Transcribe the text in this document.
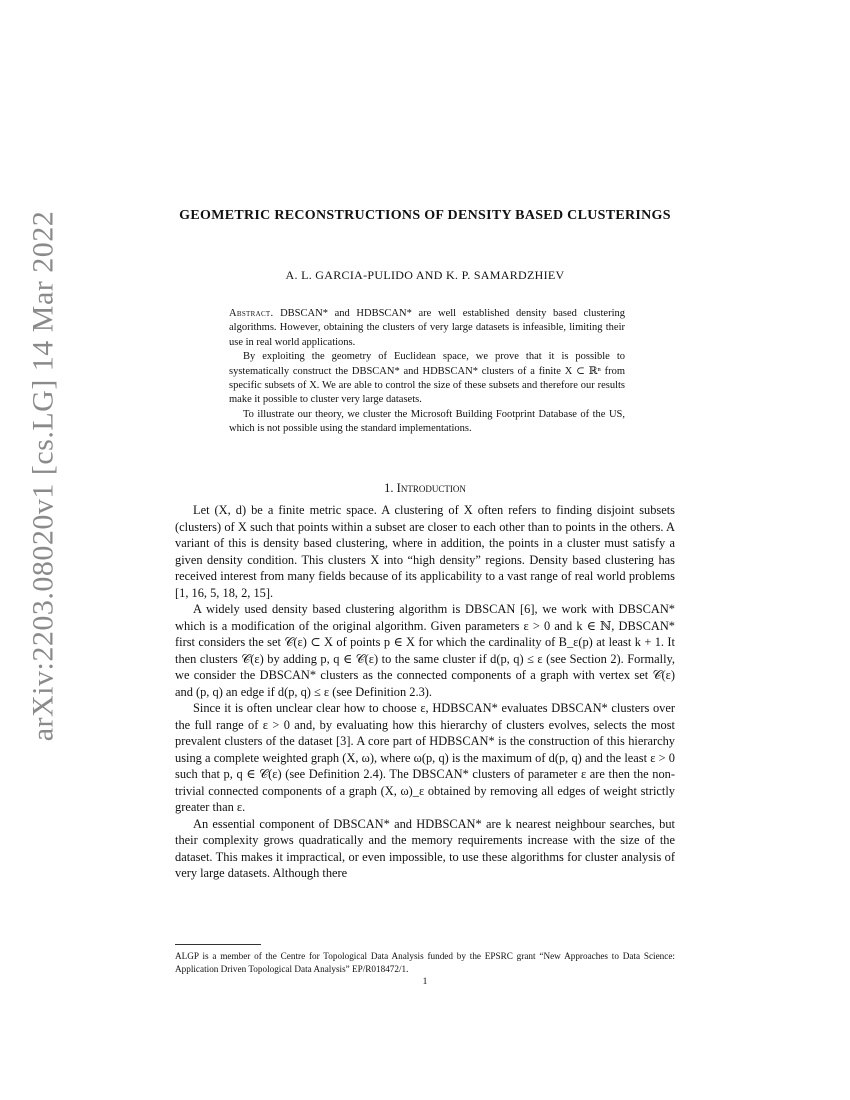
arXiv:2203.08020v1 [cs.LG] 14 Mar 2022	GEOMETRIC RECONSTRUCTIONS OF DENSITY BASED CLUSTERINGS
A. L. GARCIA-PULIDO AND K. P. SAMARDZHIEV

Abstract. DBSCAN* and HDBSCAN* are well established density based clustering algorithms. However, obtaining the clusters of very large datasets is infeasible, limiting their use in real world applications.

By exploiting the geometry of Euclidean space, we prove that it is possible to systematically construct the DBSCAN* and HDBSCAN* clusters of a finite X ⊂ ℝⁿ from specific subsets of X. We are able to control the size of these subsets and therefore our results make it possible to cluster very large datasets.

To illustrate our theory, we cluster the Microsoft Building Footprint Database of the US, which is not possible using the standard implementations.

1. Introduction

Let (X, d) be a finite metric space. A clustering of X often refers to finding disjoint subsets (clusters) of X such that points within a subset are closer to each other than to points in the others. A variant of this is density based clustering, where in addition, the points in a cluster must satisfy a given density condition. This clusters X into “high density” regions. Density based clustering has received interest from many fields because of its applicability to a vast range of real world problems [1, 16, 5, 18, 2, 15].

A widely used density based clustering algorithm is DBSCAN [6], we work with DBSCAN* which is a modification of the original algorithm. Given parameters ε > 0 and k ∈ ℕ, DBSCAN* first considers the set 𝒞(ε) ⊂ X of points p ∈ X for which the cardinality of B_ε(p) at least k + 1. It then clusters 𝒞(ε) by adding p, q ∈ 𝒞(ε) to the same cluster if d(p, q) ≤ ε (see Section 2). Formally, we consider the DBSCAN* clusters as the connected components of a graph with vertex set 𝒞(ε) and (p, q) an edge if d(p, q) ≤ ε (see Definition 2.3).

Since it is often unclear clear how to choose ε, HDBSCAN* evaluates DBSCAN* clusters over the full range of ε > 0 and, by evaluating how this hierarchy of clusters evolves, selects the most prevalent clusters of the dataset [3]. A core part of HDBSCAN* is the construction of this hierarchy using a complete weighted graph (X, ω), where ω(p, q) is the maximum of d(p, q) and the least ε > 0 such that p, q ∈ 𝒞(ε) (see Definition 2.4). The DBSCAN* clusters of parameter ε are then the non-trivial connected components of a graph (X, ω)_ε obtained by removing all edges of weight strictly greater than ε.

An essential component of DBSCAN* and HDBSCAN* are k nearest neighbour searches, but their complexity grows quadratically and the memory requirements increase with the size of the dataset. This makes it impractical, or even impossible, to use these algorithms for cluster analysis of very large datasets. Although there

ALGP is a member of the Centre for Topological Data Analysis funded by the EPSRC grant “New Approaches to Data Science: Application Driven Topological Data Analysis” EP/R018472/1.

1
